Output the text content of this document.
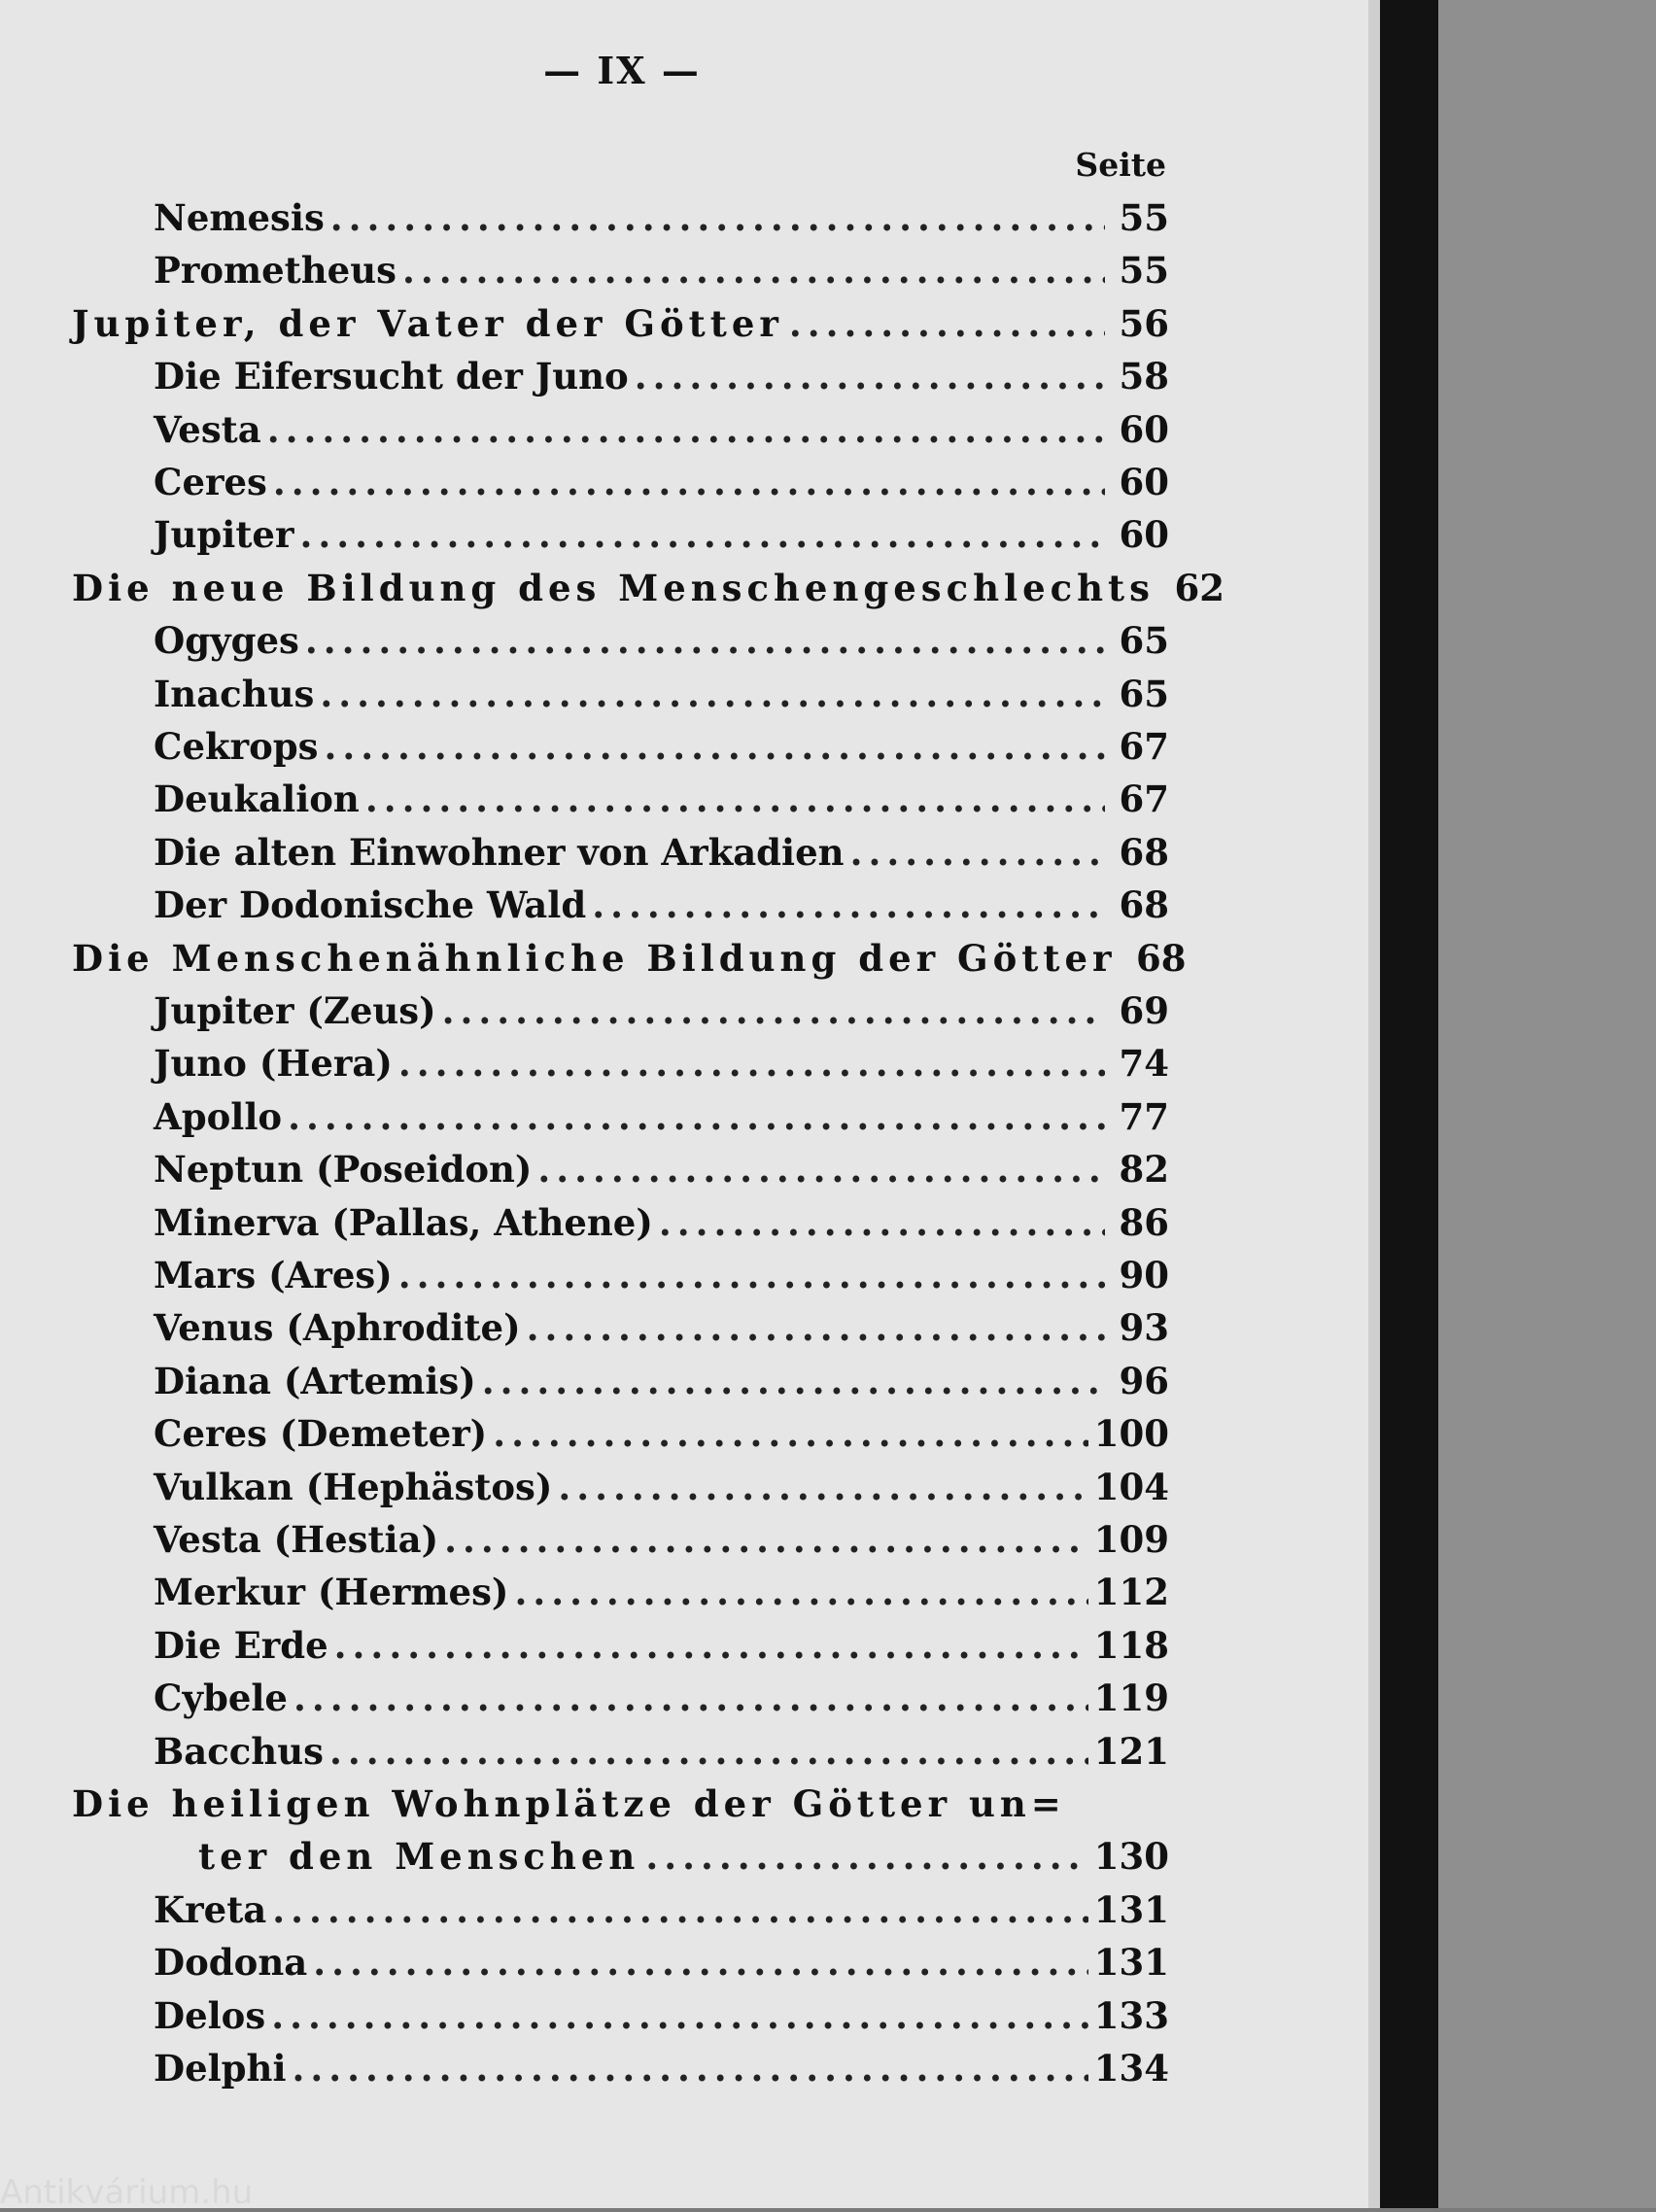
— IX —
Seite
Nemesis .....	55
Prometheus .....	55
Jupiter, der Vater der Götter .....	56
Die Eifersucht der Juno .....	58
Vesta .....	60
Ceres .....	60
Jupiter .....	60
Die neue Bildung des Menschengeschlechts 62
Ogyges .....	65
Inachus .....	65
Cekrops .....	67
Deukalion .....	67
Die alten Einwohner von Arkadien .....	68
Der Dodonische Wald .....	68
Die Menschenähnliche Bildung der Götter 68
Jupiter (Zeus) .....	69
Juno (Hera) .....	74
Apollo .....	77
Neptun (Poseidon) .....	82
Minerva (Pallas, Athene) .....	86
Mars (Ares) .....	90
Venus (Aphrodite) .....	93
Diana (Artemis) .....	96
Ceres (Demeter) .....	100
Vulkan (Hephästos) .....	104
Vesta (Hestia) .....	109
Merkur (Hermes) .....	112
Die Erde .....	118
Cybele .....	119
Bacchus .....	121
Die heiligen Wohnplätze der Götter un=
ter den Menschen .....	130
Kreta .....	131
Dodona .....	131
Delos .....	133
Delphi .....	134
Antikvárium.hu
